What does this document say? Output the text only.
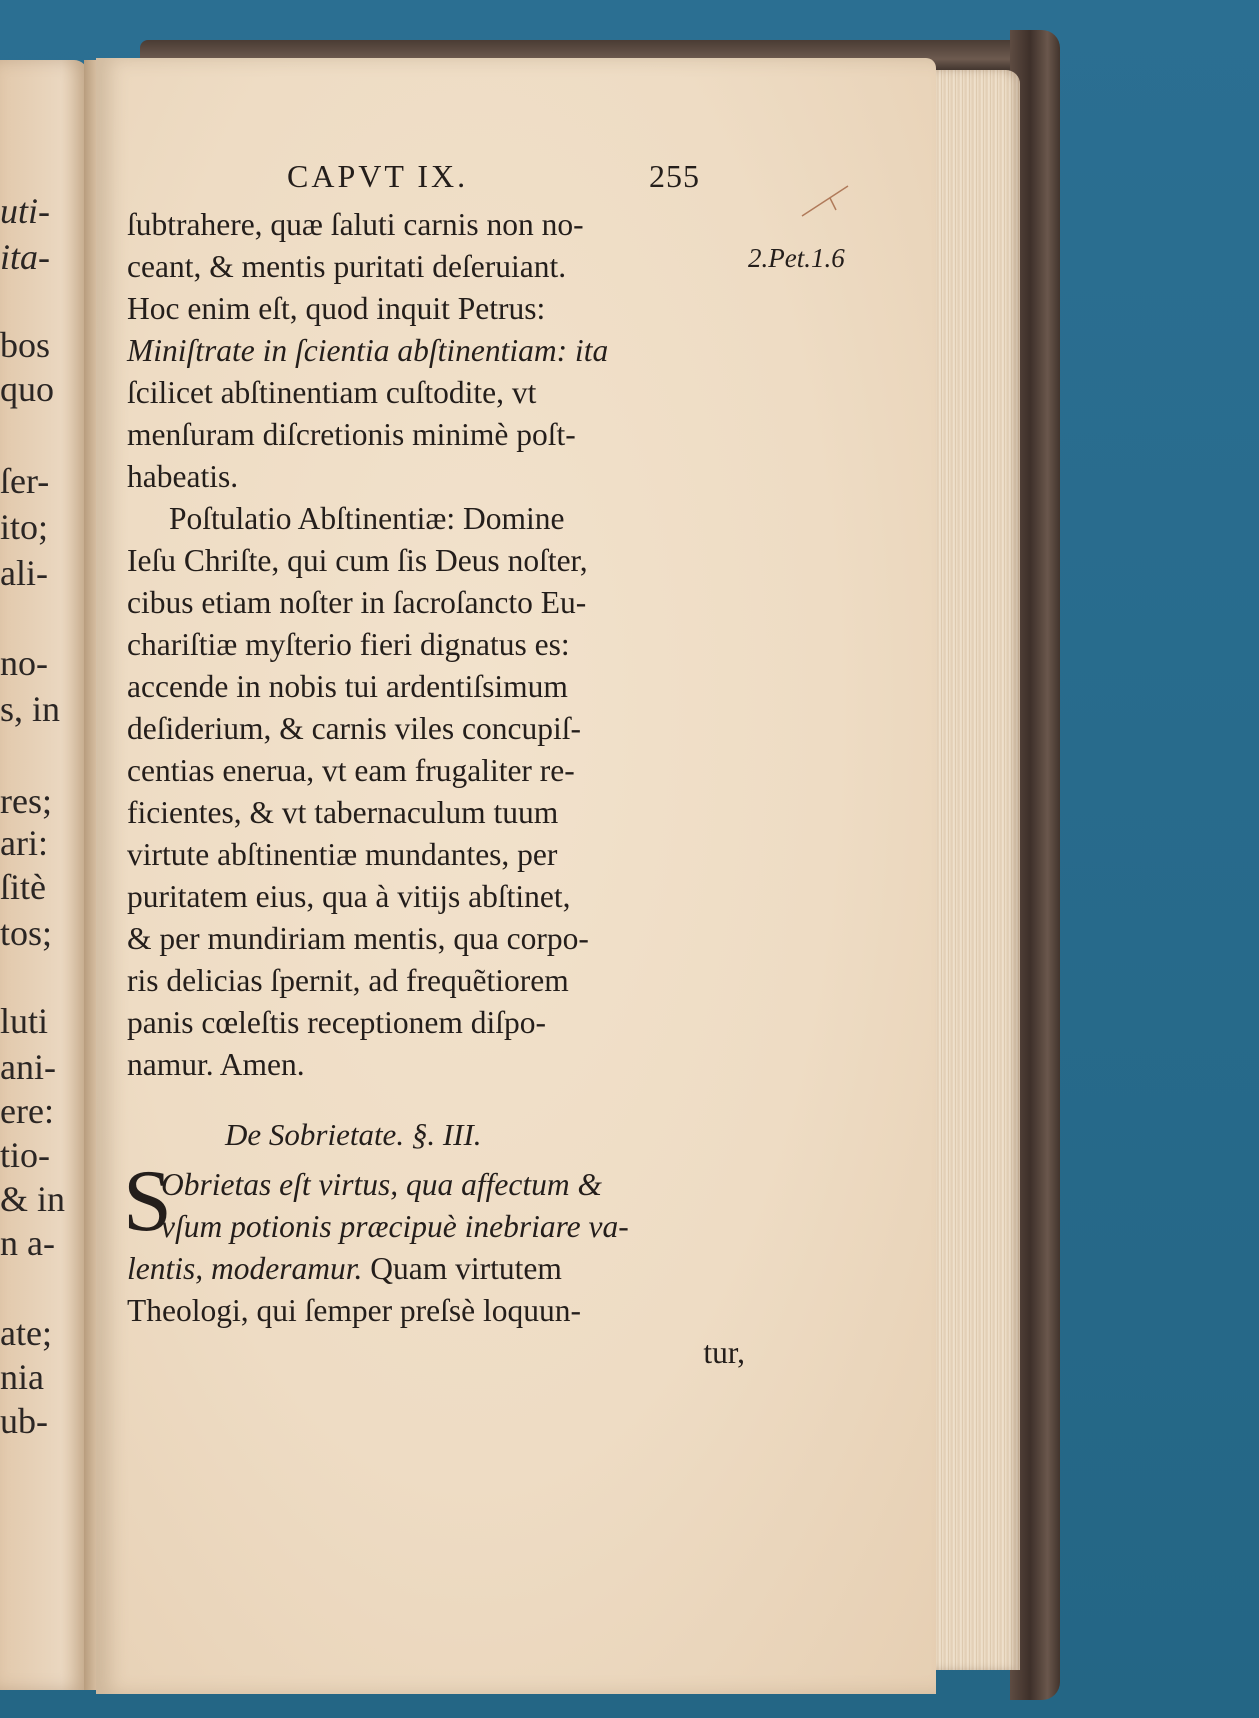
uti-
ita-
bos
quo
ſer-
ito;
ali-
no-
s, in
res;
ari:
ſitè
tos;
luti
ani-
ere:
tio-
& in
n a-
ate;
nia
ub-
CAPVT IX.	255
ſubtrahere, quæ ſaluti carnis non no-
ceant, & mentis puritati deſeruiant.
Hoc enim eſt, quod inquit Petrus:
Miniſtrate in ſcientia abſtinentiam: ita
ſcilicet abſtinentiam cuſtodite, vt
menſuram diſcretionis minimè poſt-
habeatis.
Poſtulatio Abſtinentiæ: Domine
Ieſu Chriſte, qui cum ſis Deus noſter,
cibus etiam noſter in ſacroſancto Eu-
chariſtiæ myſterio fieri dignatus es:
accende in nobis tui ardentiſsimum
deſiderium, & carnis viles concupiſ-
centias enerua, vt eam frugaliter re-
ficientes, & vt tabernaculum tuum
virtute abſtinentiæ mundantes, per
puritatem eius, qua à vitijs abſtinet,
& per mundiriam mentis, qua corpo-
ris delicias ſpernit, ad frequẽtiorem
panis cœleſtis receptionem diſpo-
namur. Amen.
De Sobrietate. §. III.
S
Obrietas eſt virtus, qua affectum &
vſum potionis præcipuè inebriare va-
lentis, moderamur. Quam virtutem
Theologi, qui ſemper preſsè loquun-
tur,
2.Pet.1.6
